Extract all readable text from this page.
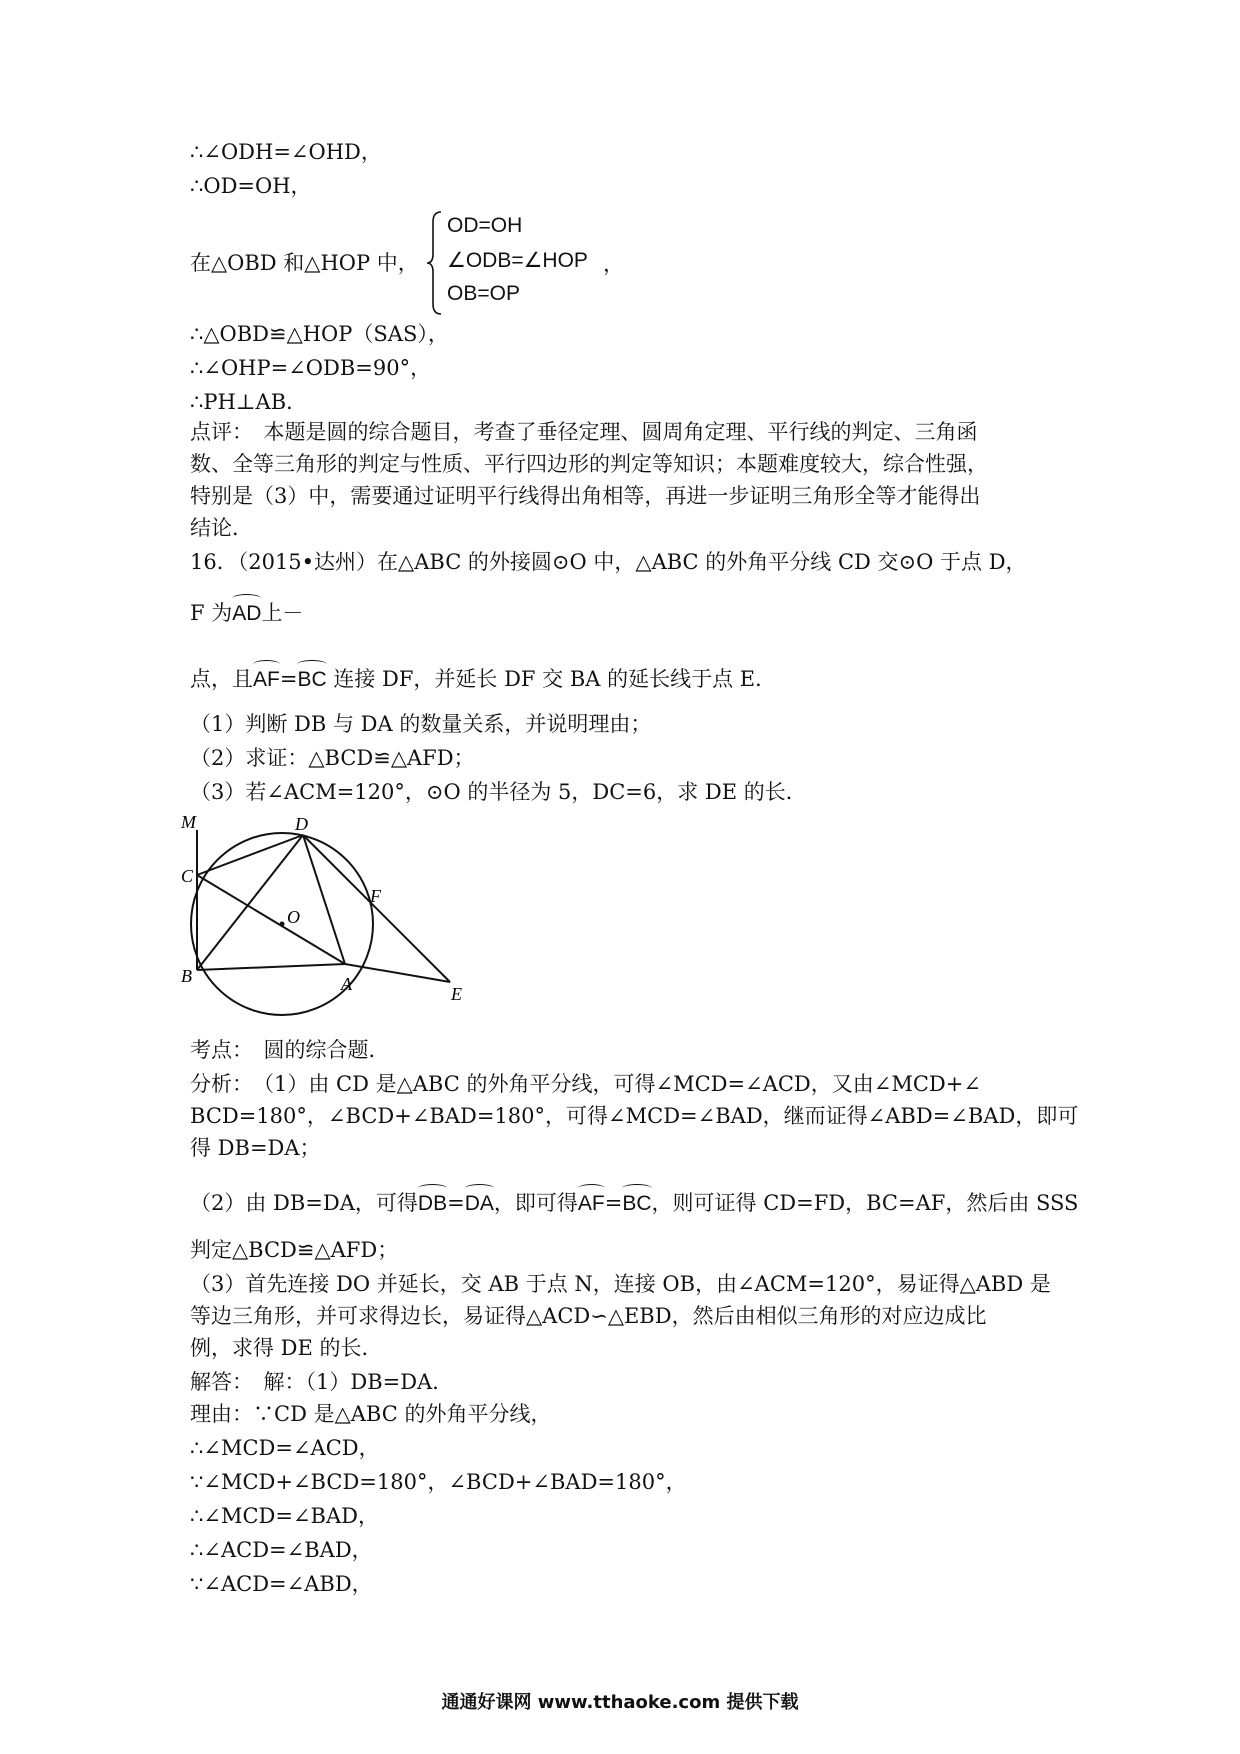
∴∠ODH=∠OHD，
∴OD=OH，
在△OBD 和△HOP 中，
OD=OH
∠ODB=∠HOP
OB=OP
，
∴△OBD≌△HOP（SAS），
∴∠OHP=∠ODB=90°，
∴PH⊥AB．
点评：　本题是圆的综合题目，考查了垂径定理、圆周角定理、平行线的判定、三角函
数、全等三角形的判定与性质、平行四边形的判定等知识；本题难度较大，综合性强，
特别是（3）中，需要通过证明平行线得出角相等，再进一步证明三角形全等才能得出
结论．
16．（2015•达州）在△ABC 的外接圆⊙O 中，△ABC 的外角平分线 CD 交⊙O 于点 D，
F 为AD上－
点，且AF=BC 连接 DF，并延长 DF 交 BA 的延长线于点 E．
（1）判断 DB 与 DA 的数量关系，并说明理由；
（2）求证：△BCD≌△AFD；
（3）若∠ACM=120°，⊙O 的半径为 5，DC=6，求 DE 的长．
M	D
C
F
O
B	A	E
考点：　圆的综合题．
分析：　（1）由 CD 是△ABC 的外角平分线，可得∠MCD=∠ACD，又由∠MCD+∠
BCD=180°，∠BCD+∠BAD=180°，可得∠MCD=∠BAD，继而证得∠ABD=∠BAD，即可
得 DB=DA；
（2）由 DB=DA，可得DB=DA，即可得AF=BC，则可证得 CD=FD，BC=AF，然后由 SSS
判定△BCD≌△AFD；
（3）首先连接 DO 并延长，交 AB 于点 N，连接 OB，由∠ACM=120°，易证得△ABD 是
等边三角形，并可求得边长，易证得△ACD∽△EBD，然后由相似三角形的对应边成比
例，求得 DE 的长．
解答：　解：（1）DB=DA．
理由：∵CD 是△ABC 的外角平分线，
∴∠MCD=∠ACD，
∵∠MCD+∠BCD=180°，∠BCD+∠BAD=180°，
∴∠MCD=∠BAD，
∴∠ACD=∠BAD，
∵∠ACD=∠ABD，
通通好课网 www.tthaoke.com 提供下载
